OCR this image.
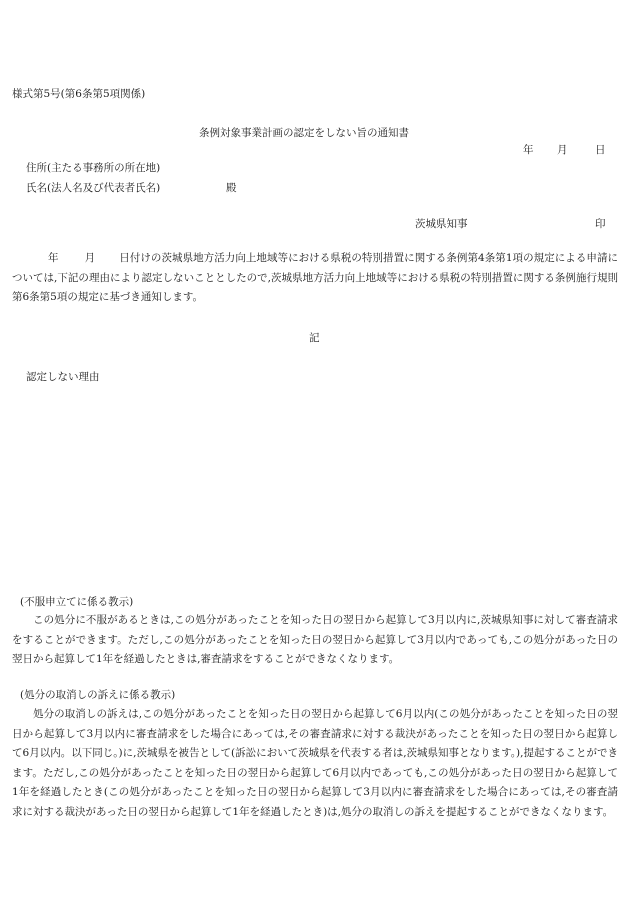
様式第5号(第6条第5項関係)
条例対象事業計画の認定をしない旨の通知書
年 月	日
住所(主たる事務所の所在地)
氏名(法人名及び代表者氏名)	殿
茨城県知事	印
年 月 日付けの茨城県地方活力向上地域等における県税の特別措置に関する条例第4条第1項の規定による申請については,下記の理由により認定しないこととしたので,茨城県地方活力向上地域等における県税の特別措置に関する条例施行規則第6条第5項の規定に基づき通知します。
記
認定しない理由
(不服申立てに係る教示)
この処分に不服があるときは,この処分があったことを知った日の翌日から起算して3月以内に,茨城県知事に対して審査請求をすることができます。ただし,この処分があったことを知った日の翌日から起算して3月以内であっても,この処分があった日の翌日から起算して1年を経過したときは,審査請求をすることができなくなります。
(処分の取消しの訴えに係る教示)
処分の取消しの訴えは,この処分があったことを知った日の翌日から起算して6月以内(この処分があったことを知った日の翌日から起算して3月以内に審査請求をした場合にあっては,その審査請求に対する裁決があったことを知った日の翌日から起算して6月以内。以下同じ。)に,茨城県を被告として(訴訟において茨城県を代表する者は,茨城県知事となります。),提起することができます。ただし,この処分があったことを知った日の翌日から起算して6月以内であっても,この処分があった日の翌日から起算して1年を経過したとき(この処分があったことを知った日の翌日から起算して3月以内に審査請求をした場合にあっては,その審査請求に対する裁決があった日の翌日から起算して1年を経過したとき)は,処分の取消しの訴えを提起することができなくなります。
